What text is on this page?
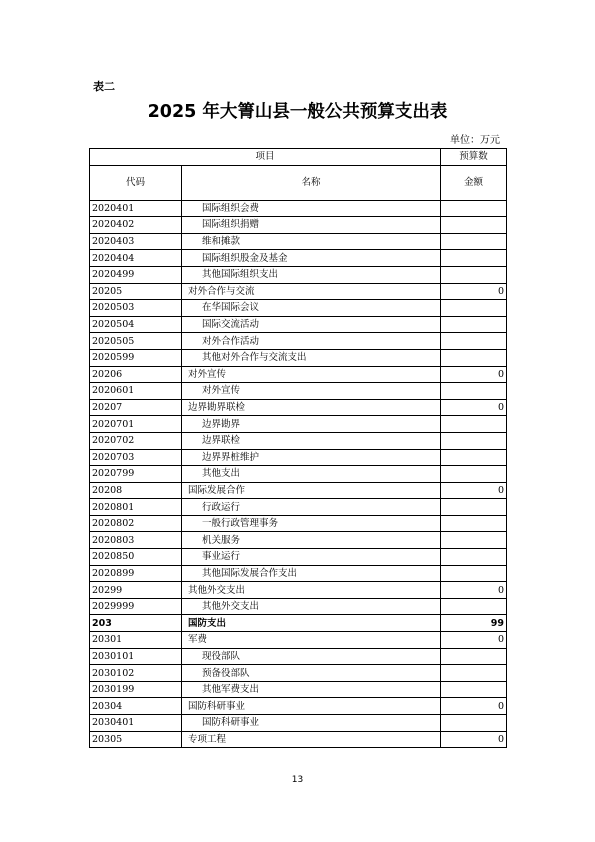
表二
2025 年大箐山县一般公共预算支出表
单位：万元
项目		预算数
代码	名称	金额
2020401	国际组织会费	
2020402	国际组织捐赠	
2020403	维和摊款	
2020404	国际组织股金及基金	
2020499	其他国际组织支出	
20205	对外合作与交流	0
2020503	在华国际会议	
2020504	国际交流活动	
2020505	对外合作活动	
2020599	其他对外合作与交流支出	
20206	对外宣传	0
2020601	对外宣传	
20207	边界勘界联检	0
2020701	边界勘界	
2020702	边界联检	
2020703	边界界桩维护	
2020799	其他支出	
20208	国际发展合作	0
2020801	行政运行	
2020802	一般行政管理事务	
2020803	机关服务	
2020850	事业运行	
2020899	其他国际发展合作支出	
20299	其他外交支出	0
2029999	其他外交支出	
203	国防支出	99
20301	军费	0
2030101	现役部队	
2030102	预备役部队	
2030199	其他军费支出	
20304	国防科研事业	0
2030401	国防科研事业	
20305	专项工程	0
13
